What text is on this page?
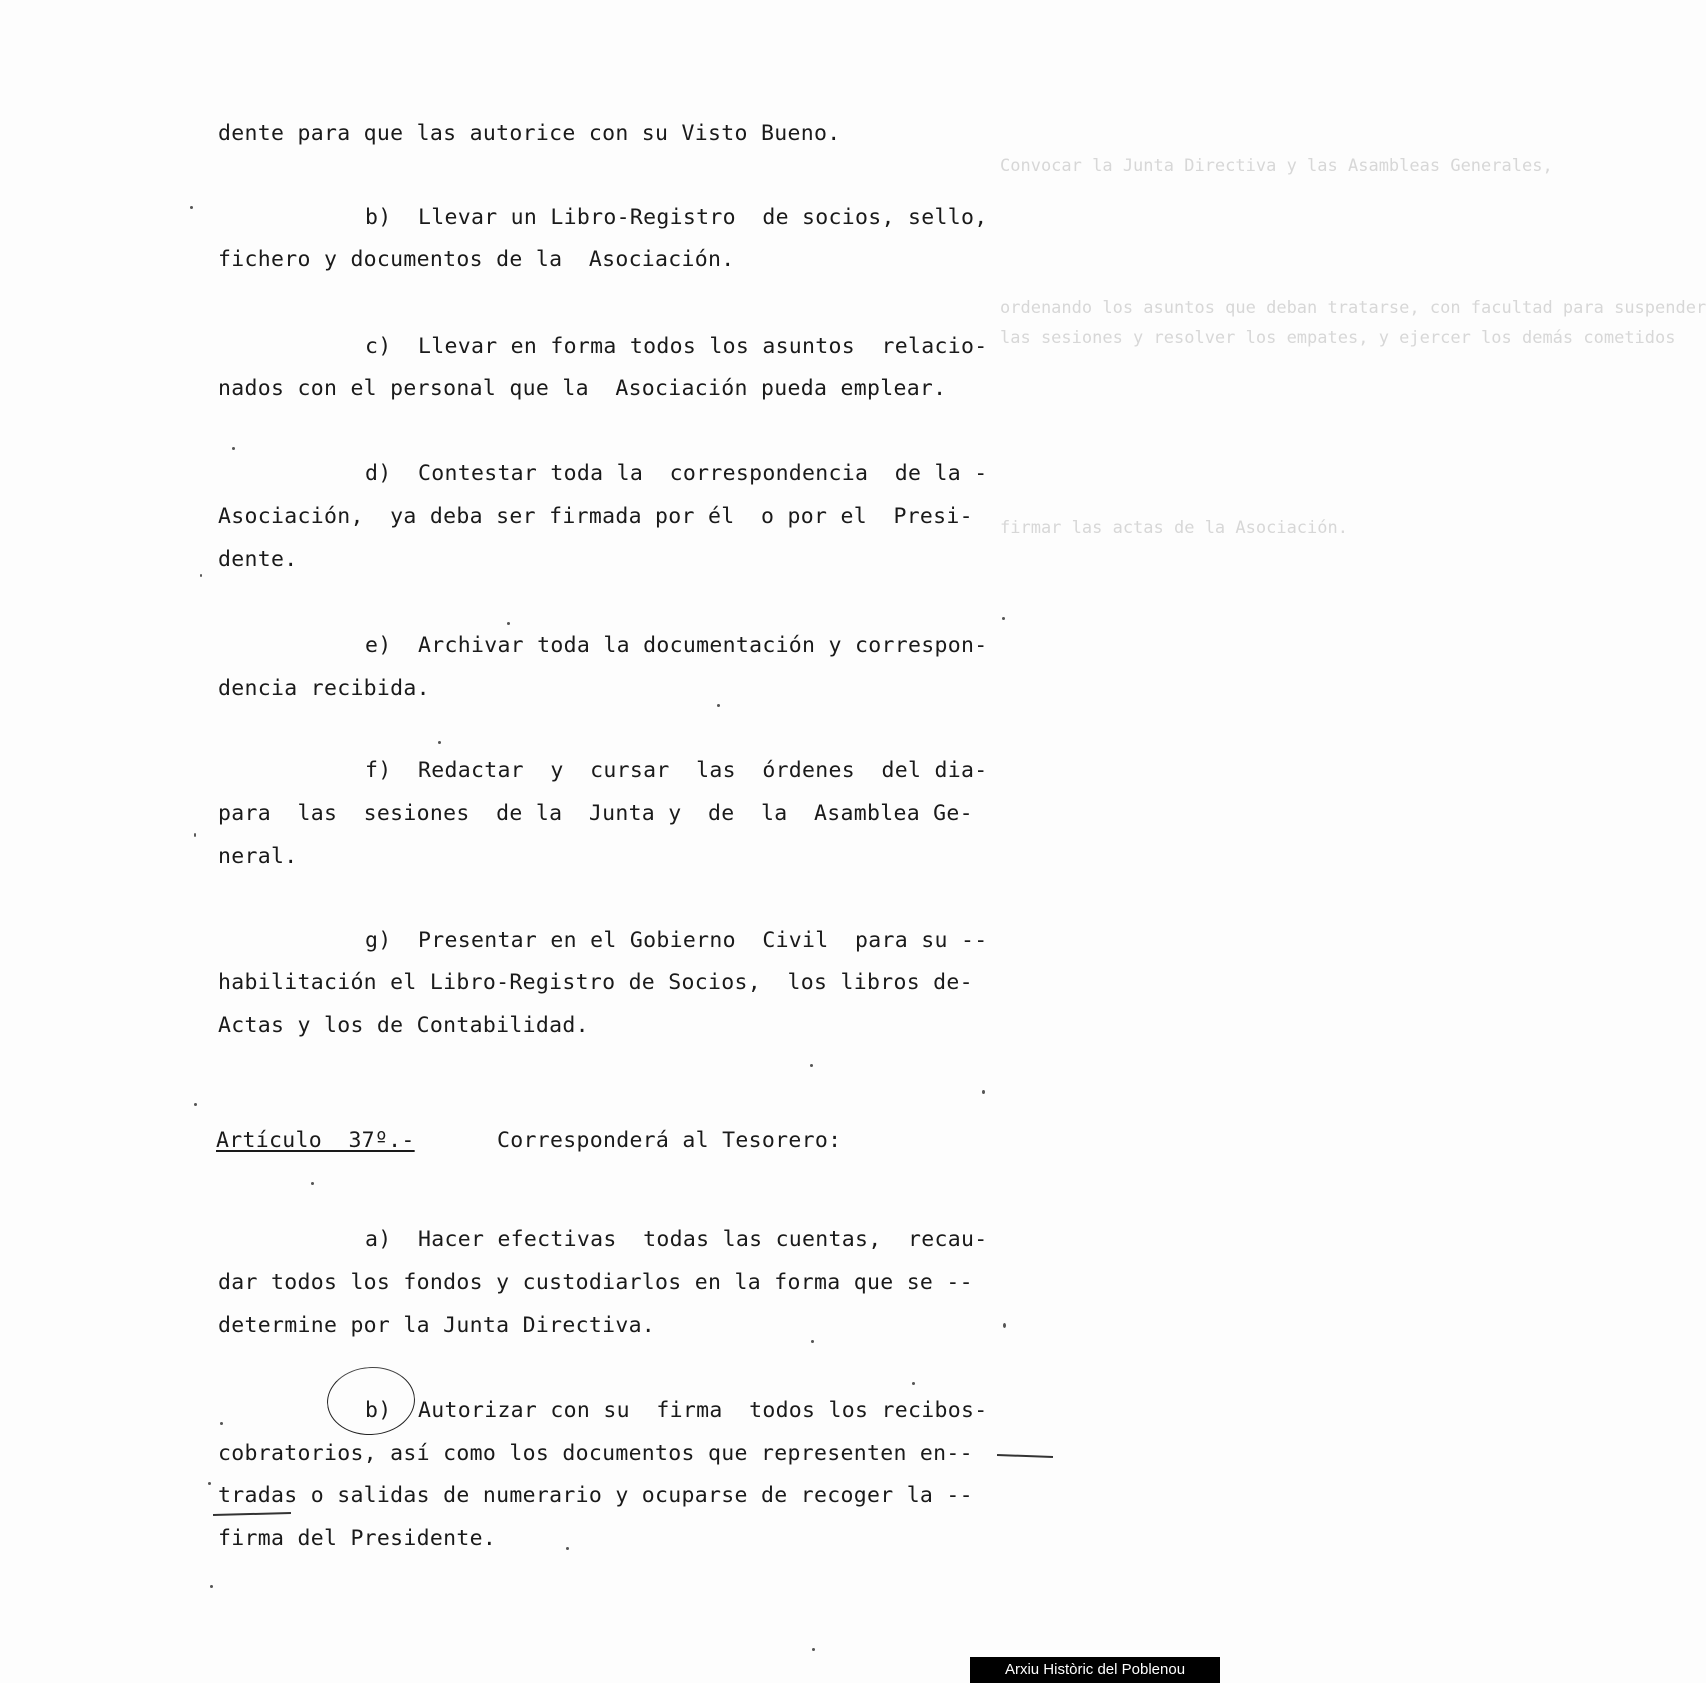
Convocar la Junta Directiva y las Asambleas Generales,
ordenando los asuntos que deban tratarse, con facultad para suspender
las sesiones y resolver los empates, y ejercer los demás cometidos
firmar las actas de la Asociación.
dente para que las autorice con su Visto Bueno.
b)  Llevar un Libro-Registro  de socios, sello,
fichero y documentos de la  Asociación.
c)  Llevar en forma todos los asuntos  relacio-
nados con el personal que la  Asociación pueda emplear.
d)  Contestar toda la  correspondencia  de la -
Asociación,  ya deba ser firmada por él  o por el  Presi-
dente.
e)  Archivar toda la documentación y correspon-
dencia recibida.
f)  Redactar  y  cursar  las  órdenes  del dia-
para  las  sesiones  de la  Junta y  de  la  Asamblea Ge-
neral.
g)  Presentar en el Gobierno  Civil  para su --
habilitación el Libro-Registro de Socios,  los libros de-
Actas y los de Contabilidad.
Artículo  37º.-	Corresponderá al Tesorero:
a)  Hacer efectivas  todas las cuentas,  recau-
dar todos los fondos y custodiarlos en la forma que se --
determine por la Junta Directiva.
b)  Autorizar con su  firma  todos los recibos-
cobratorios, así como los documentos que representen en--
tradas o salidas de numerario y ocuparse de recoger la --
firma del Presidente.
Arxiu Històric del Poblenou
